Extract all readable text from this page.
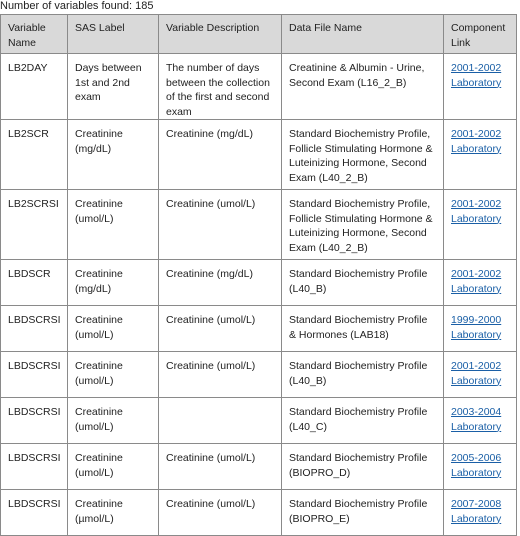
Number of variables found: 185
Variable Name	SAS Label	Variable Description	Data File Name	Component Link
LB2DAY	Days between 1st and 2nd exam	The number of days between the collection of the first and second exam	Creatinine & Albumin - Urine, Second Exam (L16_2_B)	2001-2002 Laboratory
LB2SCR	Creatinine (mg/dL)	Creatinine (mg/dL)	Standard Biochemistry Profile, Follicle Stimulating Hormone & Luteinizing Hormone, Second Exam (L40_2_B)	2001-2002 Laboratory
LB2SCRSI	Creatinine (umol/L)	Creatinine (umol/L)	Standard Biochemistry Profile, Follicle Stimulating Hormone & Luteinizing Hormone, Second Exam (L40_2_B)	2001-2002 Laboratory
LBDSCR	Creatinine (mg/dL)	Creatinine (mg/dL)	Standard Biochemistry Profile (L40_B)	2001-2002 Laboratory
LBDSCRSI	Creatinine (umol/L)	Creatinine (umol/L)	Standard Biochemistry Profile & Hormones (LAB18)	1999-2000 Laboratory
LBDSCRSI	Creatinine (umol/L)	Creatinine (umol/L)	Standard Biochemistry Profile (L40_B)	2001-2002 Laboratory
LBDSCRSI	Creatinine (umol/L)		Standard Biochemistry Profile (L40_C)	2003-2004 Laboratory
LBDSCRSI	Creatinine (umol/L)	Creatinine (umol/L)	Standard Biochemistry Profile (BIOPRO_D)	2005-2006 Laboratory
LBDSCRSI	Creatinine (µmol/L)	Creatinine (umol/L)	Standard Biochemistry Profile (BIOPRO_E)	2007-2008 Laboratory
